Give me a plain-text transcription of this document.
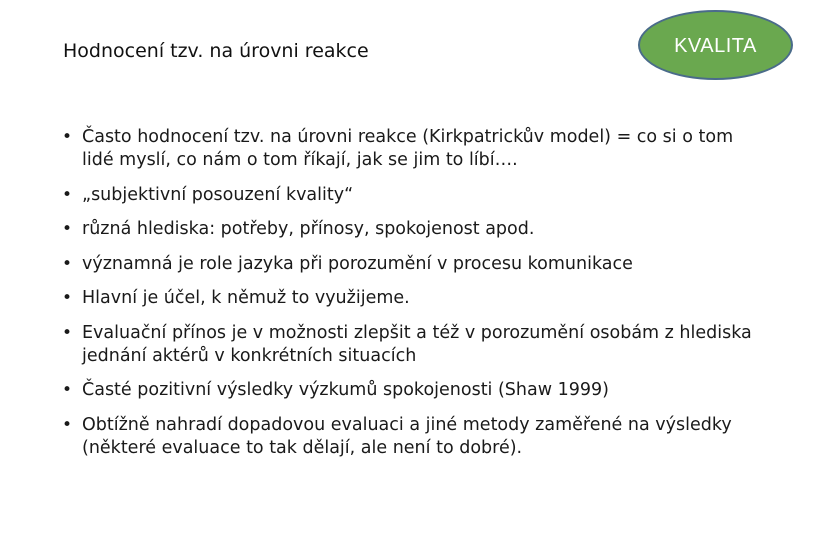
Hodnocení tzv. na úrovni reakce	KVALITA
• Často hodnocení tzv. na úrovni reakce (Kirkpatrickův model) = co si o tom lidé myslí, co nám o tom říkají, jak se jim to líbí….
• „subjektivní posouzení kvality“
• různá hlediska: potřeby, přínosy, spokojenost apod.
• významná je role jazyka při porozumění v procesu komunikace
• Hlavní je účel, k němuž to využijeme.
• Evaluační přínos je v možnosti zlepšit a též v porozumění osobám z hlediska jednání aktérů v konkrétních situacích
• Časté pozitivní výsledky výzkumů spokojenosti (Shaw 1999)
• Obtížně nahradí dopadovou evaluaci a jiné metody zaměřené na výsledky (některé evaluace to tak dělají, ale není to dobré).
